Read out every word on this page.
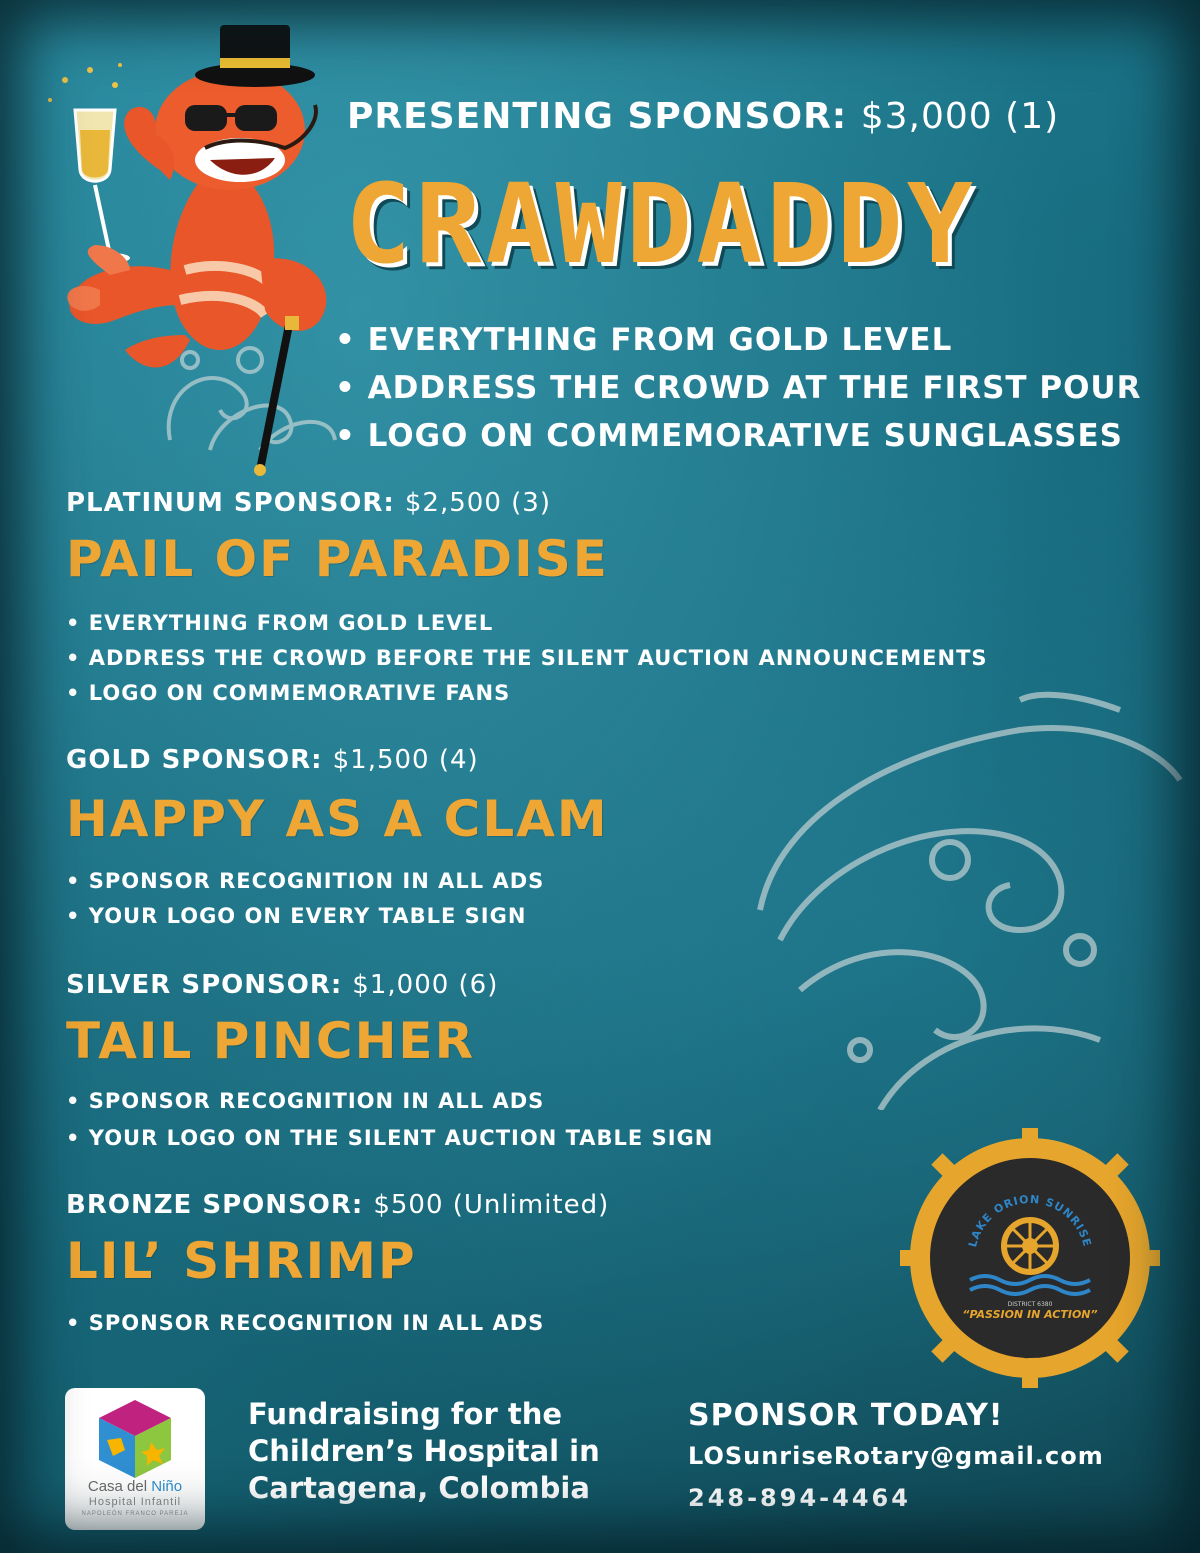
PRESENTING SPONSOR: $3,000 (1)
CRAWDADDY
• EVERYTHING FROM GOLD LEVEL
• ADDRESS THE CROWD AT THE FIRST POUR
• LOGO ON COMMEMORATIVE SUNGLASSES
PLATINUM SPONSOR: $2,500 (3)
PAIL OF PARADISE
• EVERYTHING FROM GOLD LEVEL
• ADDRESS THE CROWD BEFORE THE SILENT AUCTION ANNOUNCEMENTS
• LOGO ON COMMEMORATIVE FANS
GOLD SPONSOR: $1,500 (4)
HAPPY AS A CLAM
• SPONSOR RECOGNITION IN ALL ADS
• YOUR LOGO ON EVERY TABLE SIGN
SILVER SPONSOR: $1,000 (6)
TAIL PINCHER
• SPONSOR RECOGNITION IN ALL ADS
• YOUR LOGO ON THE SILENT AUCTION TABLE SIGN
BRONZE SPONSOR: $500 (Unlimited)
LIL’ SHRIMP
• SPONSOR RECOGNITION IN ALL ADS
9TH ANNUAL
SEAFOOD BOIL
LAKE ORION SUNRISE
DISTRICT 6380
“PASSION IN ACTION”
Casa del Niño
Hospital Infantil
NAPOLEÓN FRANCO PAREJA
Fundraising for the
Children’s Hospital in
Cartagena, Colombia
SPONSOR TODAY!
LOSunriseRotary@gmail.com
248-894-4464
